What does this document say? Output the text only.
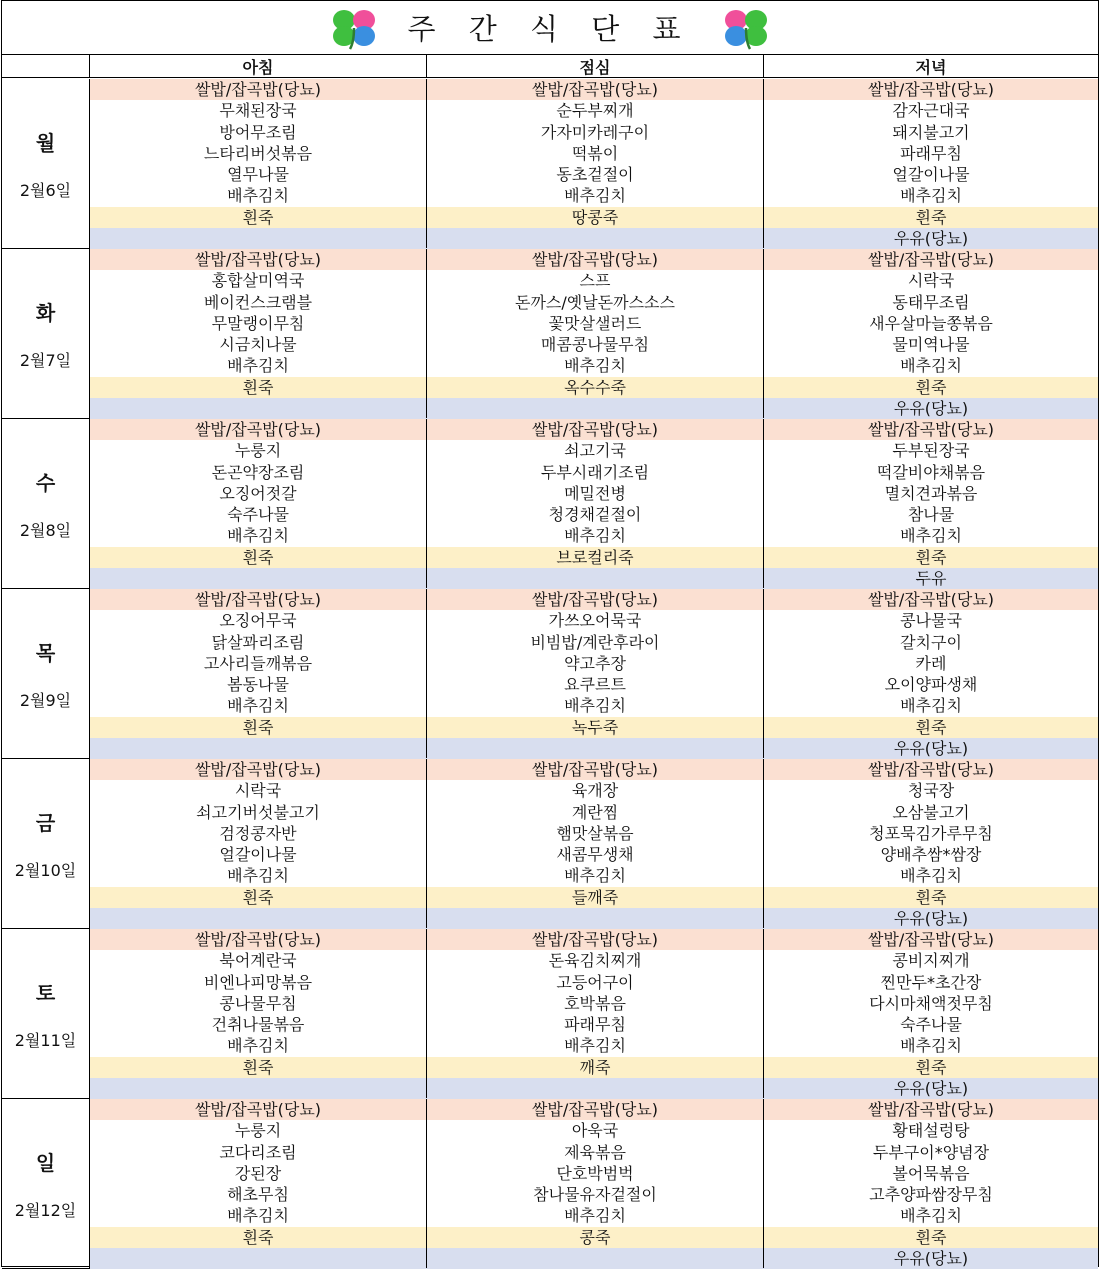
주 간 식 단 표
아침	점심	저녁
월
2월6일
쌀밥/잡곡밥(당뇨)
무채된장국
방어무조림
느타리버섯볶음
열무나물
배추김치
흰죽
쌀밥/잡곡밥(당뇨)
순두부찌개
가자미카레구이
떡볶이
동초겉절이
배추김치
땅콩죽
쌀밥/잡곡밥(당뇨)
감자근대국
돼지불고기
파래무침
얼갈이나물
배추김치
흰죽
우유(당뇨)
화
2월7일
쌀밥/잡곡밥(당뇨)
홍합살미역국
베이컨스크램블
무말랭이무침
시금치나물
배추김치
흰죽
쌀밥/잡곡밥(당뇨)
스프
돈까스/옛날돈까스소스
꽃맛살샐러드
매콤콩나물무침
배추김치
옥수수죽
쌀밥/잡곡밥(당뇨)
시락국
동태무조림
새우살마늘쫑볶음
물미역나물
배추김치
흰죽
우유(당뇨)
수
2월8일
쌀밥/잡곡밥(당뇨)
누룽지
돈곤약장조림
오징어젓갈
숙주나물
배추김치
흰죽
쌀밥/잡곡밥(당뇨)
쇠고기국
두부시래기조림
메밀전병
청경채겉절이
배추김치
브로컬리죽
쌀밥/잡곡밥(당뇨)
두부된장국
떡갈비야채볶음
멸치견과볶음
참나물
배추김치
흰죽
두유
목
2월9일
쌀밥/잡곡밥(당뇨)
오징어무국
닭살꽈리조림
고사리들깨볶음
봄동나물
배추김치
흰죽
쌀밥/잡곡밥(당뇨)
가쓰오어묵국
비빔밥/계란후라이
약고추장
요쿠르트
배추김치
녹두죽
쌀밥/잡곡밥(당뇨)
콩나물국
갈치구이
카레
오이양파생채
배추김치
흰죽
우유(당뇨)
금
2월10일
쌀밥/잡곡밥(당뇨)
시락국
쇠고기버섯불고기
검정콩자반
얼갈이나물
배추김치
흰죽
쌀밥/잡곡밥(당뇨)
육개장
계란찜
햄맛살볶음
새콤무생채
배추김치
들깨죽
쌀밥/잡곡밥(당뇨)
청국장
오삼불고기
청포묵김가루무침
양배추쌈*쌈장
배추김치
흰죽
우유(당뇨)
토
2월11일
쌀밥/잡곡밥(당뇨)
북어계란국
비엔나피망볶음
콩나물무침
건취나물볶음
배추김치
흰죽
쌀밥/잡곡밥(당뇨)
돈육김치찌개
고등어구이
호박볶음
파래무침
배추김치
깨죽
쌀밥/잡곡밥(당뇨)
콩비지찌개
찐만두*초간장
다시마채액젓무침
숙주나물
배추김치
흰죽
우유(당뇨)
일
2월12일
쌀밥/잡곡밥(당뇨)
누룽지
코다리조림
강된장
해초무침
배추김치
흰죽
쌀밥/잡곡밥(당뇨)
아욱국
제육볶음
단호박범벅
참나물유자겉절이
배추김치
콩죽
쌀밥/잡곡밥(당뇨)
황태설렁탕
두부구이*양념장
볼어묵볶음
고추양파쌈장무침
배추김치
흰죽
우유(당뇨)
